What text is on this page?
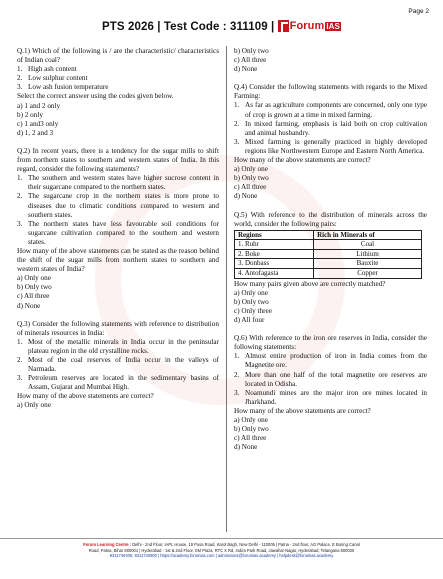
Page 2
PTS 2026 | Test Code : 311109 | Forum IAS

Q.1) Which of the following is / are the characteristic/ characteristics of Indian coal?

1. High ash content
2. Low sulphur content
3. Low ash fusion temperature

Select the correct answer using the codes given below.

a) 1 and 2 only
b) 2 only
c) 1 and3 only
d) 1, 2 and 3

Q.2) In recent years, there is a tendency for the sugar mills to shift from northern states to southern and western states of India. In this regard, consider the following statements?

1. The southern and western states have higher sucrose content in their sugarcane compared to the northern states.
2. The sugarcane crop in the northern states is more prone to diseases due to climatic conditions compared to western and southern states.
3. The northern states have less favourable soil conditions for sugarcane cultivation compared to the southern and western states.

How many of the above statements can be stated as the reason behind the shift of the sugar mills from northern states to southern and western states of India?

a) Only one
b) Only two
c) All three
d) None

Q.3) Consider the following statements with reference to distribution of minerals resources in India:

1. Most of the metallic minerals in India occur in the peninsular plateau region in the old crystalline rocks.
2. Most of the coal reserves of India occur in the valleys of Narmada.
3. Petroleum reserves are located in the sedimentary basins of Assam, Gujarat and Mumbai High.

How many of the above statements are correct?

a) Only one
b) Only two
c) All three
d) None

Q.4) Consider the following statements with regards to the Mixed Farming:

1. As far as agriculture components are concerned, only one type of crop is grown at a time in mixed farming.
2. In mixed farming, emphasis is laid both on crop cultivation and animal husbandry.
3. Mixed farming is generally practiced in highly developed regions like Northwestern Europe and Eastern North America.

How many of the above statements are correct?

a) Only one
b) Only two
c) All three
d) None

Q.5) With reference to the distribution of minerals across the world, consider the following pairs:

Regions	Rich in Minerals of
1. Ruhr	Coal
2. Boke	Lithium
3. Donbass	Bauxite
4. Antofagasta	Copper

How many pairs given above are correctly matched?

a) Only one
b) Only two
c) Only three
d) All four

Q.6) With reference to the iron ore reserves in India, consider the following statements:

1. Almost entire production of iron in India comes from the Magnetite ore.
2. More than one half of the total magnetite ore reserves are located in Odisha.
3. Noamundi mines are the major iron ore mines located in Jharkhand.

How many of the above statements are correct?

a) Only one
b) Only two
c) All three
d) None
Forum Learning Centre : Delhi - 2nd Floor, IAPL House, 19 Pusa Road, Karol Bagh, New Delhi - 110005 | Patna - 2nd floor, AG Palace, E Boring Canal
Road, Patna, Bihar 800001 | Hyderabad - 1st & 2nd Floor, SM Plaza, RTC X Rd, Indira Park Road, Jawahar Nagar, Hyderabad, Telangana 500020
9311740400, 9311740900 | https://academy.forumias.com | admissions@forumias.academy | helpdesk@forumias.academy
